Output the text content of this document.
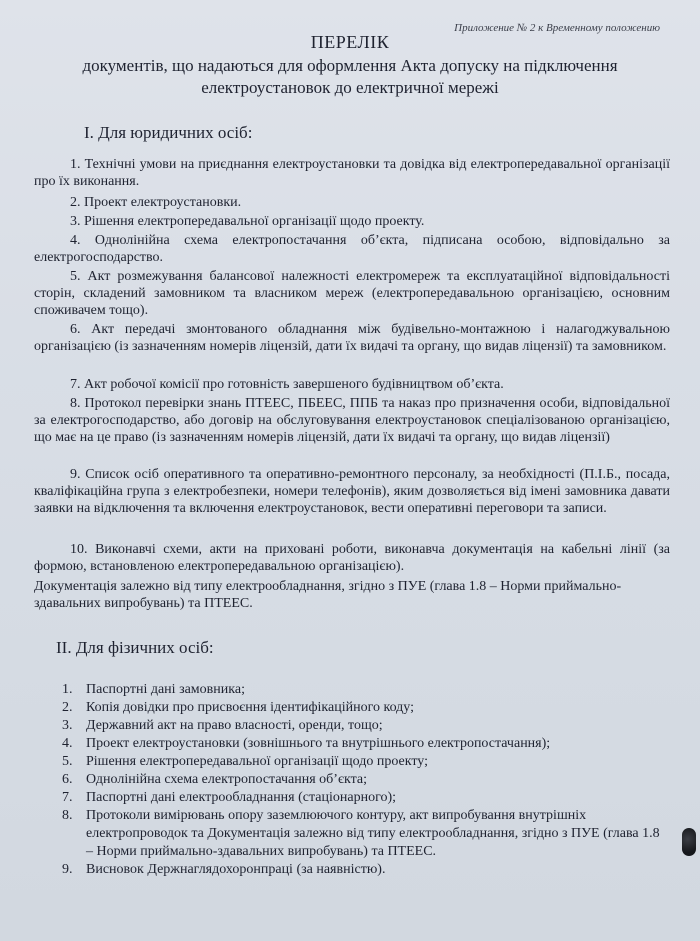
Приложение № 2 к Временному положению
ПЕРЕЛІК
документів, що надаються для оформлення Акта допуску на підключення
електроустановок до електричної мережі
I. Для юридичних осіб:
1. Технічні умови на приєднання електроустановки та довідка від електропередавальної організації про їх виконання.
2. Проект електроустановки.
3. Рішення електропередавальної організації щодо проекту.
4. Однолінійна схема електропостачання об’єкта, підписана особою, відповідально за електрогосподарство.
5. Акт розмежування балансової належності електромереж та експлуатаційної відповідальності сторін, складений замовником та власником мереж (електропередавальною організацією, основним споживачем тощо).
6. Акт передачі змонтованого обладнання між будівельно-монтажною і налагоджувальною організацією (із зазначенням номерів ліцензій, дати їх видачі та органу, що видав ліцензії) та замовником.
7. Акт робочої комісії про готовність завершеного будівництвом об’єкта.
8. Протокол перевірки знань ПТЕЕС, ПБЕЕС, ППБ та наказ про призначення особи, відповідальної за електрогосподарство, або договір на обслуговування електроустановок спеціалізованою організацією, що має на це право (із зазначенням номерів ліцензій, дати їх видачі та органу, що видав ліцензії)
9. Список осіб оперативного та оперативно-ремонтного персоналу, за необхідності (П.І.Б., посада, кваліфікаційна група з електробезпеки, номери телефонів), яким дозволяється від імені замовника давати заявки на відключення та включення електроустановок, вести оперативні переговори та записи.
10. Виконавчі схеми, акти на приховані роботи, виконавча документація на кабельні лінії (за формою, встановленою електропередавальною організацією).
Документація залежно від типу електрообладнання, згідно з ПУЕ (глава 1.8 – Норми приймально-здавальних випробувань) та ПТЕЕС.
II. Для фізичних осіб:
1. Паспортні дані замовника;
2. Копія довідки про присвоєння ідентифікаційного коду;
3. Державний акт на право власності, оренди, тощо;
4. Проект електроустановки (зовнішнього та внутрішнього електропостачання);
5. Рішення електропередавальної організації щодо проекту;
6. Однолінійна схема електропостачання об’єкта;
7. Паспортні дані електрообладнання (стаціонарного);
8. Протоколи вимірювань опору заземлюючого контуру, акт випробування внутрішніх електропроводок та Документація залежно від типу електрообладнання, згідно з ПУЕ (глава 1.8 – Норми приймально-здавальних випробувань) та ПТЕЕС.
9. Висновок Держнаглядохоронпраці (за наявністю).
